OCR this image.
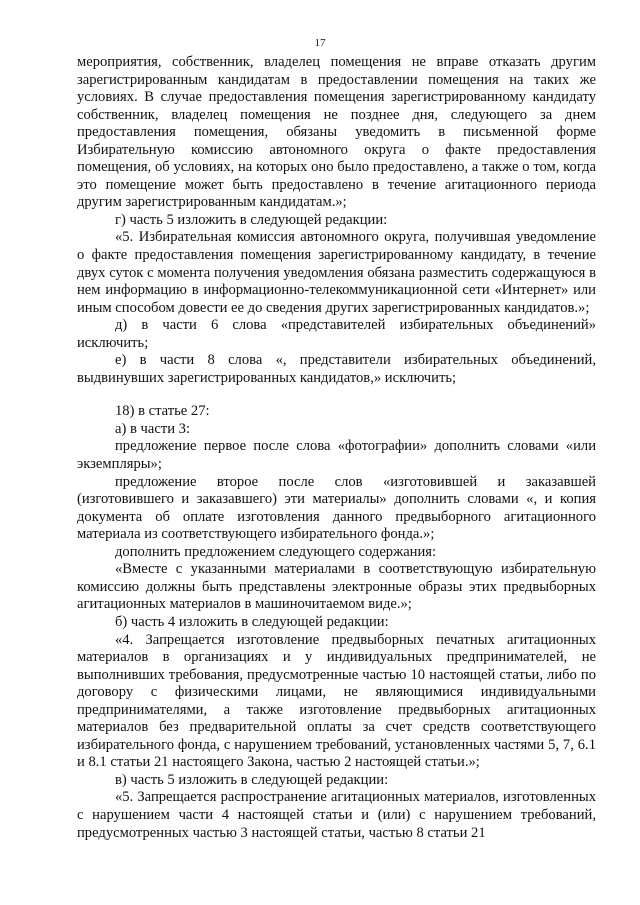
17

мероприятия, собственник, владелец помещения не вправе отказать другим зарегистрированным кандидатам в предоставлении помещения на таких же условиях. В случае предоставления помещения зарегистрированному кандидату собственник, владелец помещения не позднее дня, следующего за днем предоставления помещения, обязаны уведомить в письменной форме Избирательную комиссию автономного округа о факте предоставления помещения, об условиях, на которых оно было предоставлено, а также о том, когда это помещение может быть предоставлено в течение агитационного периода другим зарегистрированным кандидатам.»;

г) часть 5 изложить в следующей редакции:

«5. Избирательная комиссия автономного округа, получившая уведомление о факте предоставления помещения зарегистрированному кандидату, в течение двух суток с момента получения уведомления обязана разместить содержащуюся в нем информацию в информационно-телекоммуникационной сети «Интернет» или иным способом довести ее до сведения других зарегистрированных кандидатов.»;

д) в части 6 слова «представителей избирательных объединений» исключить;

е) в части 8 слова «, представители избирательных объединений, выдвинувших зарегистрированных кандидатов,» исключить;

18) в статье 27:

а) в части 3:

предложение первое после слова «фотографии» дополнить словами «или экземпляры»;

предложение второе после слов «изготовившей и заказавшей (изготовившего и заказавшего) эти материалы» дополнить словами «, и копия документа об оплате изготовления данного предвыборного агитационного материала из соответствующего избирательного фонда.»;

дополнить предложением следующего содержания:

«Вместе с указанными материалами в соответствующую избирательную комиссию должны быть представлены электронные образы этих предвыборных агитационных материалов в машиночитаемом виде.»;

б) часть 4 изложить в следующей редакции:

«4. Запрещается изготовление предвыборных печатных агитационных материалов в организациях и у индивидуальных предпринимателей, не выполнивших требования, предусмотренные частью 10 настоящей статьи, либо по договору с физическими лицами, не являющимися индивидуальными предпринимателями, а также изготовление предвыборных агитационных материалов без предварительной оплаты за счет средств соответствующего избирательного фонда, с нарушением требований, установленных частями 5, 7, 6.1 и 8.1 статьи 21 настоящего Закона, частью 2 настоящей статьи.»;

в) часть 5 изложить в следующей редакции:

«5. Запрещается распространение агитационных материалов, изготовленных с нарушением части 4 настоящей статьи и (или) с нарушением требований, предусмотренных частью 3 настоящей статьи, частью 8 статьи 21
